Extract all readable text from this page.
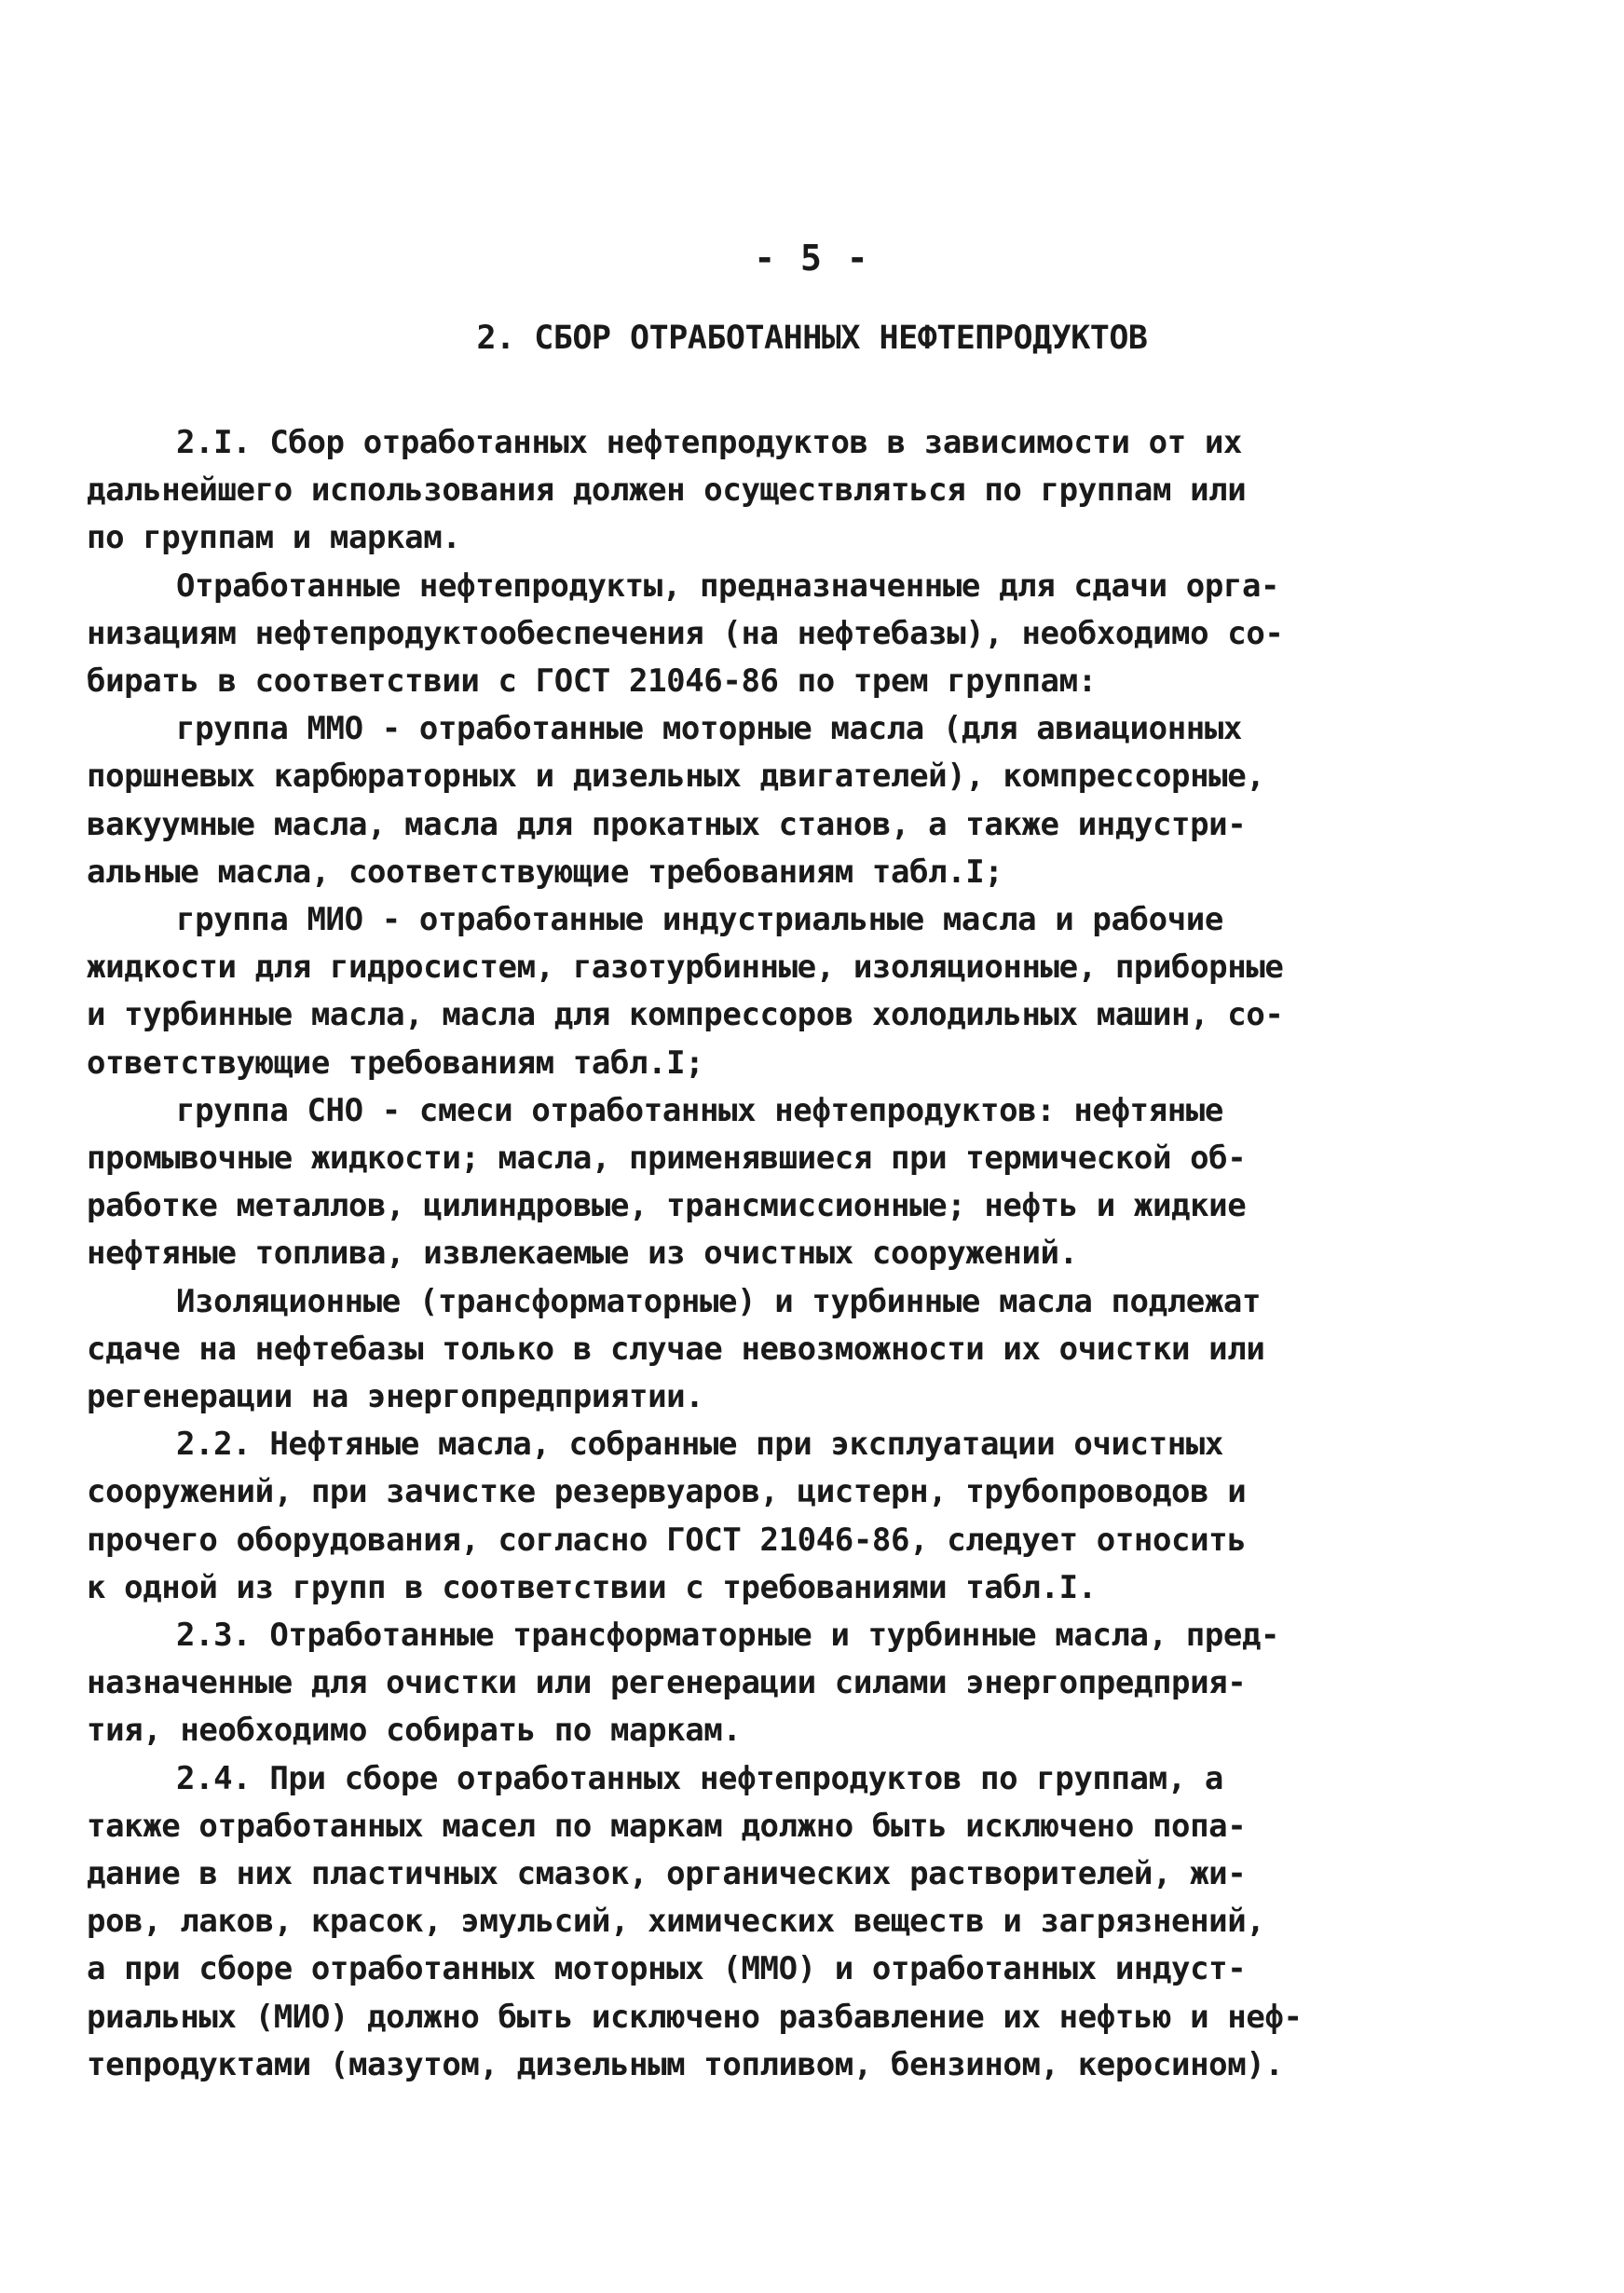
- 5 -
2. СБОР ОТРАБОТАННЫХ НЕФТЕПРОДУКТОВ
2.I. Сбор отработанных нефтепродуктов в зависимости от их
дальнейшего использования должен осуществляться по группам или
по группам и маркам.
Отработанные нефтепродукты, предназначенные для сдачи орга-
низациям нефтепродуктообеспечения (на нефтебазы), необходимо со-
бирать в соответствии с ГОСТ 21046-86 по трем группам:
группа ММО - отработанные моторные масла (для авиационных
поршневых карбюраторных и дизельных двигателей), компрессорные,
вакуумные масла, масла для прокатных станов, а также индустри-
альные масла, соответствующие требованиям табл.I;
группа МИО - отработанные индустриальные масла и рабочие
жидкости для гидросистем, газотурбинные, изоляционные, приборные
и турбинные масла, масла для компрессоров холодильных машин, со-
ответствующие требованиям табл.I;
группа СНО - смеси отработанных нефтепродуктов: нефтяные
промывочные жидкости; масла, применявшиеся при термической об-
работке металлов, цилиндровые, трансмиссионные; нефть и жидкие
нефтяные топлива, извлекаемые из очистных сооружений.
Изоляционные (трансформаторные) и турбинные масла подлежат
сдаче на нефтебазы только в случае невозможности их очистки или
регенерации на энергопредприятии.
2.2. Нефтяные масла, собранные при эксплуатации очистных
сооружений, при зачистке резервуаров, цистерн, трубопроводов и
прочего оборудования, согласно ГОСТ 21046-86, следует относить
к одной из групп в соответствии с требованиями табл.I.
2.3. Отработанные трансформаторные и турбинные масла, пред-
назначенные для очистки или регенерации силами энергопредприя-
тия, необходимо собирать по маркам.
2.4. При сборе отработанных нефтепродуктов по группам, а
также отработанных масел по маркам должно быть исключено попа-
дание в них пластичных смазок, органических растворителей, жи-
ров, лаков, красок, эмульсий, химических веществ и загрязнений,
а при сборе отработанных моторных (ММО) и отработанных индуст-
риальных (МИО) должно быть исключено разбавление их нефтью и неф-
тепродуктами (мазутом, дизельным топливом, бензином, керосином).
